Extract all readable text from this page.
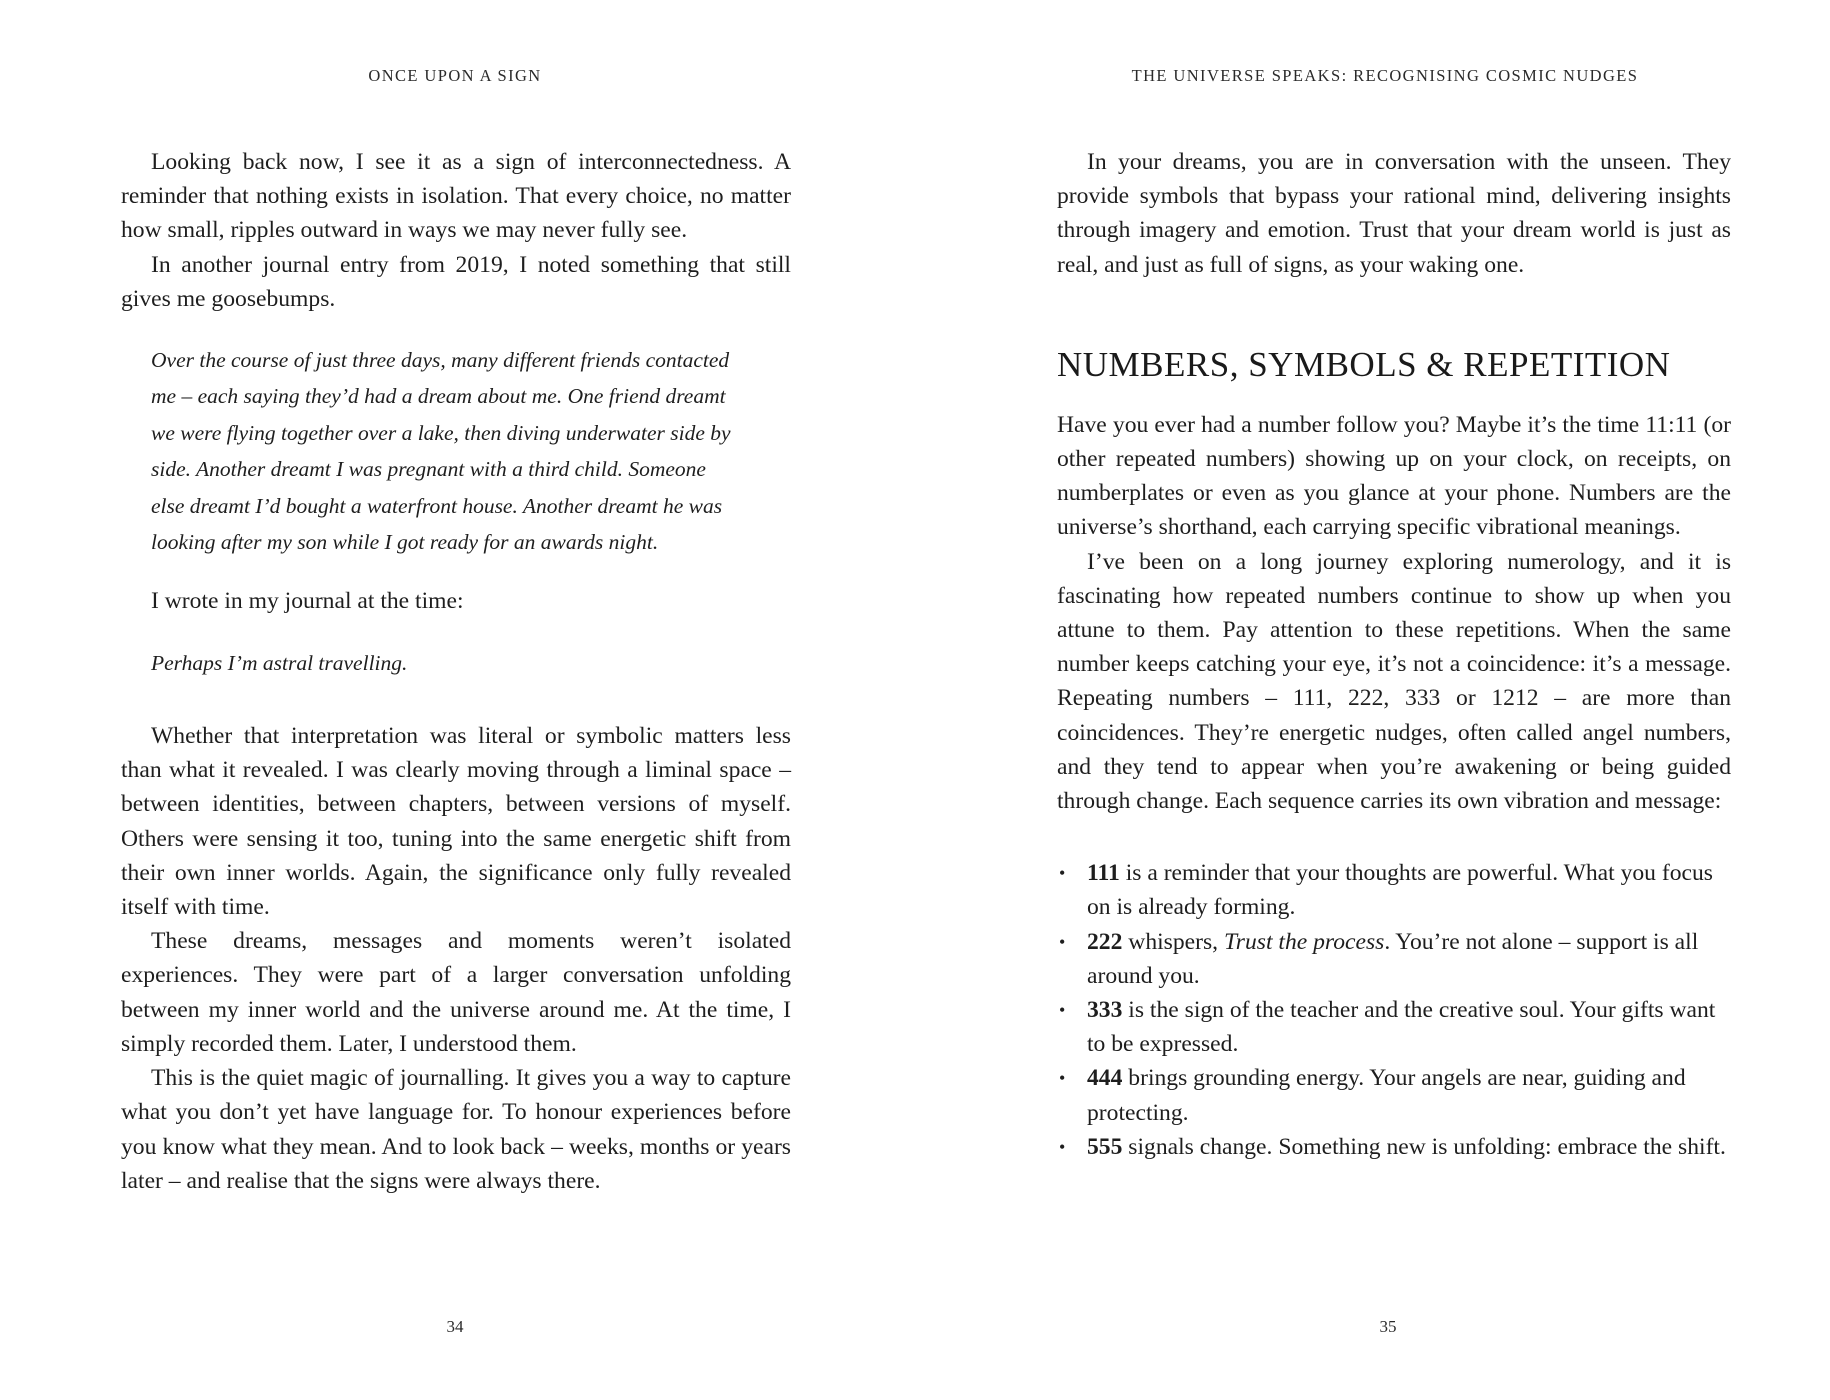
ONCE UPON A SIGN

Looking back now, I see it as a sign of interconnectedness. A reminder that nothing exists in isolation. That every choice, no matter how small, ripples outward in ways we may never fully see.

In another journal entry from 2019, I noted something that still gives me goosebumps.

Over the course of just three days, many different friends contacted me – each saying they’d had a dream about me. One friend dreamt we were flying together over a lake, then diving underwater side by side. Another dreamt I was pregnant with a third child. Someone else dreamt I’d bought a waterfront house. Another dreamt he was looking after my son while I got ready for an awards night.

I wrote in my journal at the time:

Perhaps I’m astral travelling.

Whether that interpretation was literal or symbolic matters less than what it revealed. I was clearly moving through a liminal space – between identities, between chapters, between versions of myself. Others were sensing it too, tuning into the same energetic shift from their own inner worlds. Again, the significance only fully revealed itself with time.

These dreams, messages and moments weren’t isolated experiences. They were part of a larger conversation unfolding between my inner world and the universe around me. At the time, I simply recorded them. Later, I understood them.

This is the quiet magic of journalling. It gives you a way to capture what you don’t yet have language for. To honour experiences before you know what they mean. And to look back – weeks, months or years later – and realise that the signs were always there.

34
THE UNIVERSE SPEAKS: RECOGNISING COSMIC NUDGES

In your dreams, you are in conversation with the unseen. They provide symbols that bypass your rational mind, delivering insights through imagery and emotion. Trust that your dream world is just as real, and just as full of signs, as your waking one.

NUMBERS, SYMBOLS & REPETITION

Have you ever had a number follow you? Maybe it’s the time 11:11 (or other repeated numbers) showing up on your clock, on receipts, on numberplates or even as you glance at your phone. Numbers are the universe’s shorthand, each carrying specific vibrational meanings.

I’ve been on a long journey exploring numerology, and it is fascinating how repeated numbers continue to show up when you attune to them. Pay attention to these repetitions. When the same number keeps catching your eye, it’s not a coincidence: it’s a message. Repeating numbers – 111, 222, 333 or 1212 – are more than coincidences. They’re energetic nudges, often called angel numbers, and they tend to appear when you’re awakening or being guided through change. Each sequence carries its own vibration and message:

• 111 is a reminder that your thoughts are powerful. What you focus on is already forming.
• 222 whispers, Trust the process. You’re not alone – support is all around you.
• 333 is the sign of the teacher and the creative soul. Your gifts want to be expressed.
• 444 brings grounding energy. Your angels are near, guiding and protecting.
• 555 signals change. Something new is unfolding: embrace the shift.
35
